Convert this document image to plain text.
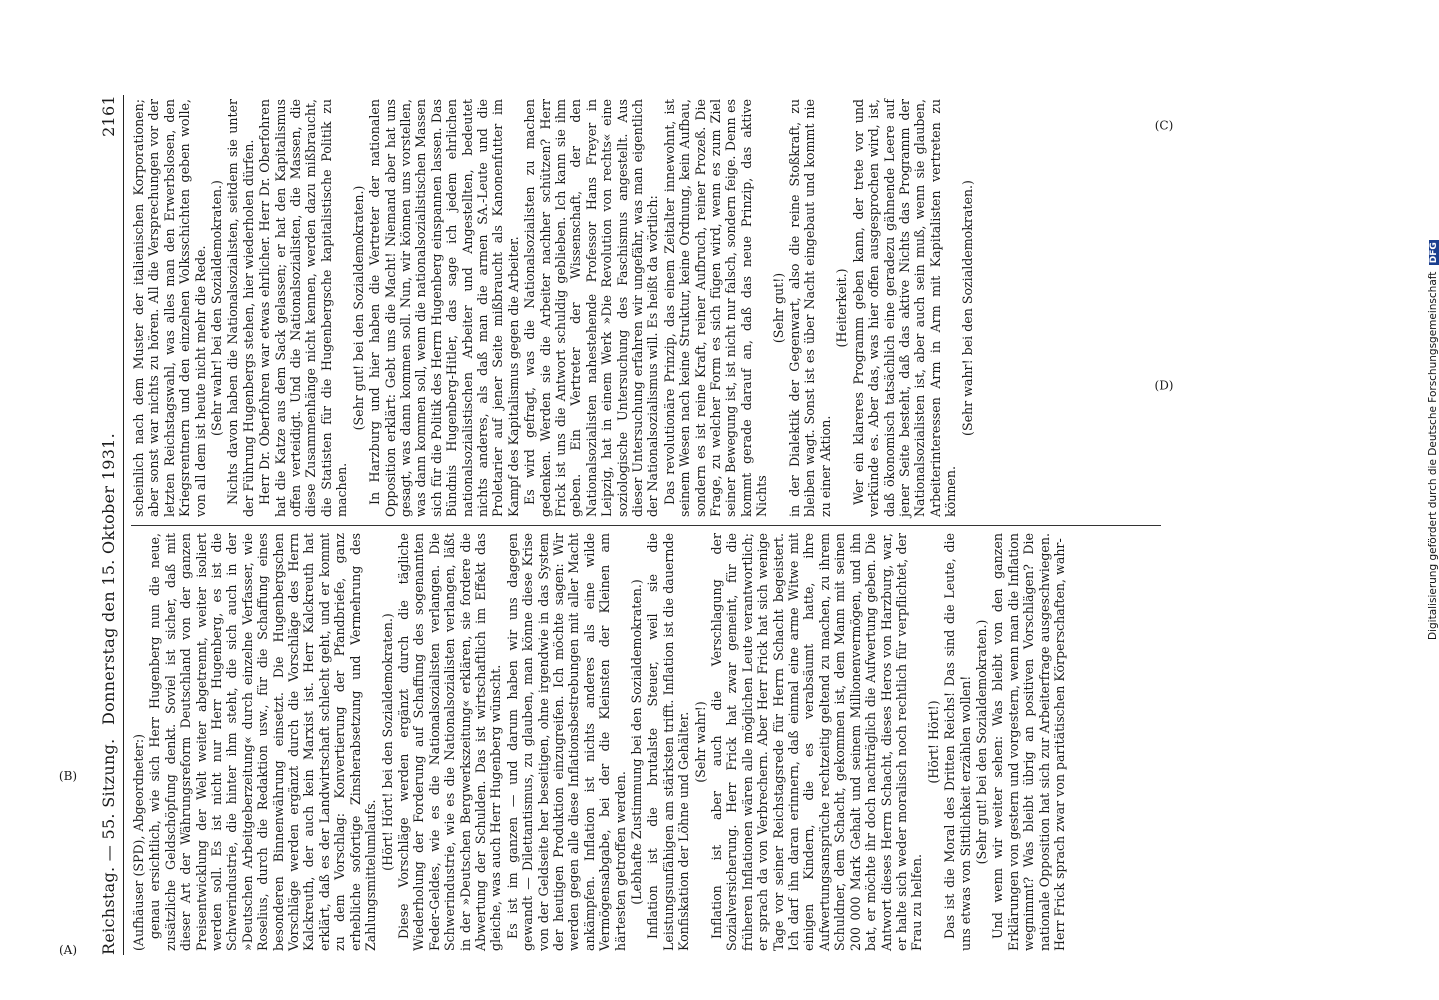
Reichstag. — 55. Sitzung.
Donnerstag den 15. Oktober 1931.
2161

(Aufhäuser (SPD), Abgeordneter:) genau ersichtlich, wie sich Herr Hugenberg nun die neue, zusätzliche Geldschöpfung denkt. Soviel ist sicher, daß mit dieser Art der Währungsreform Deutschland von der ganzen Preisentwicklung der Welt weiter abgetrennt, weiter isoliert werden soll. Es ist nicht nur Herr Hugenberg, es ist die Schwerindustrie, die hinter ihm steht, die sich auch in der »Deutschen Arbeitgeberzeitung« durch einzelne Verfasser, wie Roselius, durch die Redaktion usw., für die Schaffung eines besonderen Binnenwährung einsetzt. Die Hugenbergschen Vorschläge werden ergänzt durch die Vorschläge des Herrn Kalckreuth, der auch kein Marxist ist. Herr Kalckreuth hat erklärt, daß es der Landwirtschaft schlecht geht, und er kommt zu dem Vorschlag: Konvertierung der Pfandbriefe, ganz erhebliche sofortige Zinsherabsetzung und Vermehrung des Zahlungsmittelumlaufs.

(Hört! Hört! bei den Sozialdemokraten.) Diese Vorschläge werden ergänzt durch die tägliche Wiederholung der Forderung auf Schaffung des sogenannten Feder-Geldes, wie es die Nationalsozialisten verlangen. Die Schwerindustrie, wie es die Nationalsozialisten verlangen, läßt in der »Deutschen Bergwerkszeitung« erklären, sie fordere die Abwertung der Schulden. Das ist wirtschaftlich im Effekt das gleiche, was auch Herr Hugenberg wünscht. Es ist im ganzen — und darum haben wir uns dagegen gewandt — Dilettantismus, zu glauben, man könne diese Krise von der Geldseite her beseitigen, ohne irgendwie in das System der heutigen Produktion einzugreifen. Ich möchte sagen: Wir werden gegen alle diese Inflationsbestrebungen mit aller Macht ankämpfen. Inflation ist nichts anderes als eine wilde Vermögensabgabe, bei der die Kleinsten der Kleinen am härtesten getroffen werden. (Lebhafte Zustimmung bei den Sozialdemokraten.) Inflation ist die brutalste Steuer, weil sie die Leistungsunfähigen am stärksten trifft. Inflation ist die dauernde Konfiskation der Löhne und Gehälter. (Sehr wahr!) Inflation ist aber auch die Verschlagung der Sozialversicherung. Herr Frick hat zwar gemeint, für die früheren Inflationen wären alle möglichen Leute verantwortlich; er sprach da von Verbrechern. Aber Herr Frick hat sich wenige Tage vor seiner Reichstagsrede für Herrn Schacht begeistert. Ich darf ihn daran erinnern, daß einmal eine arme Witwe mit einigen Kindern, die es verabsäumt hatte, ihre Aufwertungsansprüche rechtzeitig geltend zu machen, zu ihrem Schuldner, dem Schacht, gekommen ist, dem Mann mit seinen 200 000 Mark Gehalt und seinem Millionenvermögen, und ihn bat, er möchte ihr doch nachträglich die Aufwertung geben. Die Antwort dieses Herrn Schacht, dieses Heros von Harzburg, war, er halte sich weder moralisch noch rechtlich für verpflichtet, der Frau zu helfen.

(Hört! Hört!) Das ist die Moral des Dritten Reichs! Das sind die Leute, die uns etwas von Sittlichkeit erzählen wollen! (Sehr gut! bei den Sozialdemokraten.) Und wenn wir weiter sehen: Was bleibt von den ganzen Erklärungen von gestern und vorgestern, wenn man die Inflation wegnimmt? Was bleibt übrig an positiven Vorschlägen? Die nationale Opposition hat sich zur Arbeiterfrage ausgeschwiegen. Herr Frick sprach zwar von paritätischen Körperschaften, wahr-

scheinlich nach dem Muster der italienischen Korporationen; aber sonst war nichts zu hören. All die Versprechungen vor der letzten Reichstagswahl, was alles man den Erwerbslosen, den Kriegsrentnern und den einzelnen Volksschichten geben wolle, von all dem ist heute nicht mehr die Rede. (Sehr wahr! bei den Sozialdemokraten.) Nichts davon haben die Nationalsozialisten, seitdem sie unter der Führung Hugenbergs stehen, hier wiederholen dürfen. Herr Dr. Oberfohren war etwas ehrlicher. Herr Dr. Oberfohren hat die Katze aus dem Sack gelassen; er hat den Kapitalismus offen verteidigt. Und die Nationalsozialisten, die Massen, die diese Zusammenhänge nicht kennen, werden dazu mißbraucht, die Statisten für die Hugenbergsche kapitalistische Politik zu machen.

(Sehr gut! bei den Sozialdemokraten.) In Harzburg und hier haben die Vertreter der nationalen Opposition erklärt: Gebt uns die Macht! Niemand aber hat uns gesagt, was dann kommen soll. Nun, wir können uns vorstellen, was dann kommen soll, wenn die nationalsozialistischen Massen sich für die Politik des Herrn Hugenberg einspannen lassen. Das Bündnis Hugenberg-Hitler, das sage ich jedem ehrlichen nationalsozialistischen Arbeiter und Angestellten, bedeutet nichts anderes, als daß man die armen SA.-Leute und die Proletarier auf jener Seite mißbraucht als Kanonenfutter im Kampf des Kapitalismus gegen die Arbeiter. Es wird gefragt, was die Nationalsozialisten zu machen gedenken. Werden sie die Arbeiter nachher schützen? Herr Frick ist uns die Antwort schuldig geblieben. Ich kann sie ihm geben. Ein Vertreter der Wissenschaft, der den Nationalsozialisten nahestehende Professor Hans Freyer in Leipzig, hat in einem Werk »Die Revolution von rechts« eine soziologische Untersuchung des Faschismus angestellt. Aus dieser Untersuchung erfahren wir ungefähr, was man eigentlich der Nationalsozialismus will. Es heißt da wörtlich: Das revolutionäre Prinzip, das einem Zeitalter innewohnt, ist seinem Wesen nach keine Struktur, keine Ordnung, kein Aufbau, sondern es ist reine Kraft, reiner Aufbruch, reiner Prozeß. Die Frage, zu welcher Form es sich fügen wird, wenn es zum Ziel seiner Bewegung ist, ist nicht nur falsch, sondern feige. Denn es kommt gerade darauf an, daß das neue Prinzip, das aktive Nichts

(Sehr gut!) in der Dialektik der Gegenwart, also die reine Stoßkraft, zu bleiben wagt. Sonst ist es über Nacht eingebaut und kommt nie zu einer Aktion.

(Heiterkeit.) Wer ein klareres Programm geben kann, der trete vor und verkünde es. Aber das, was hier offen ausgesprochen wird, ist, daß ökonomisch tatsächlich eine geradezu gähnende Leere auf jener Seite besteht, daß das aktive Nichts das Programm der Nationalsozialisten ist, aber auch sein muß, wenn sie glauben, Arbeiterinteressen Arm in Arm mit Kapitalisten vertreten zu können.

(Sehr wahr! bei den Sozialdemokraten.)

(A)
(B)
(C)
(D)	Digitalisierung gefördert durch die Deutsche Forschungsgemeinschaft DFG
